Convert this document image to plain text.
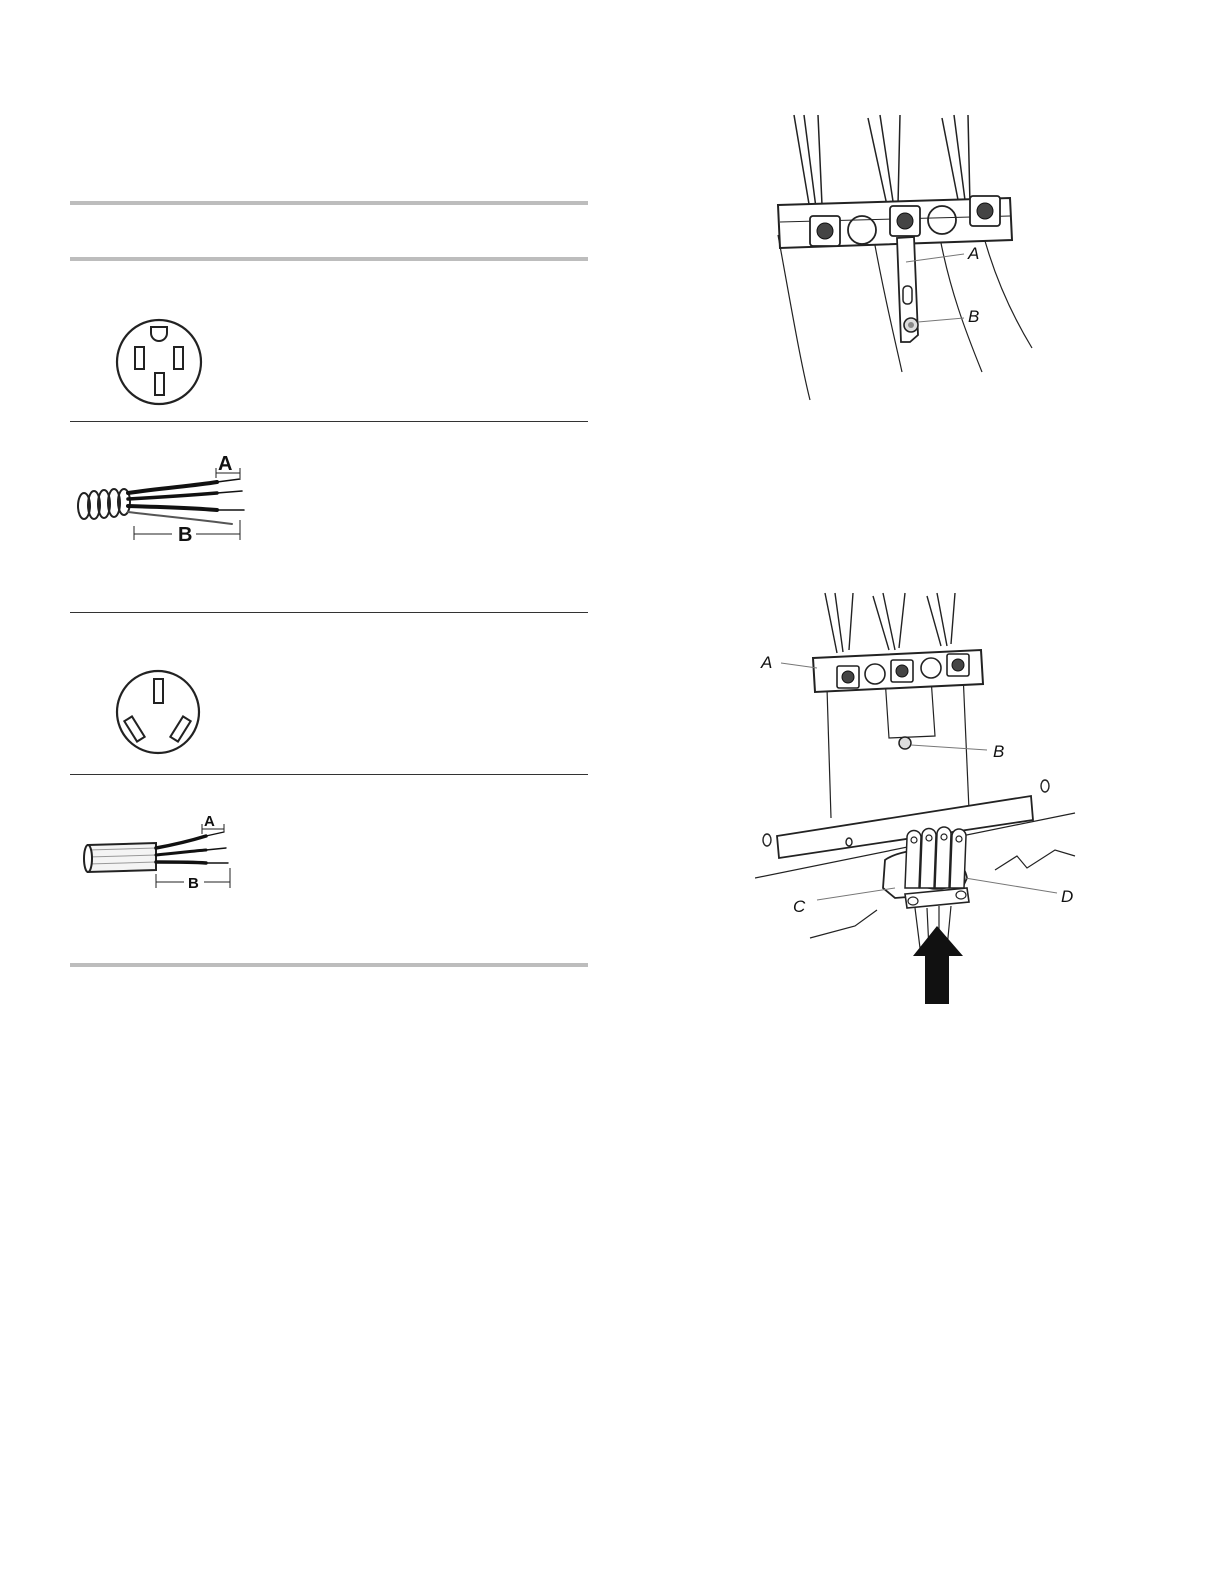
A
B
A
B
A
B
A
B
C
D
